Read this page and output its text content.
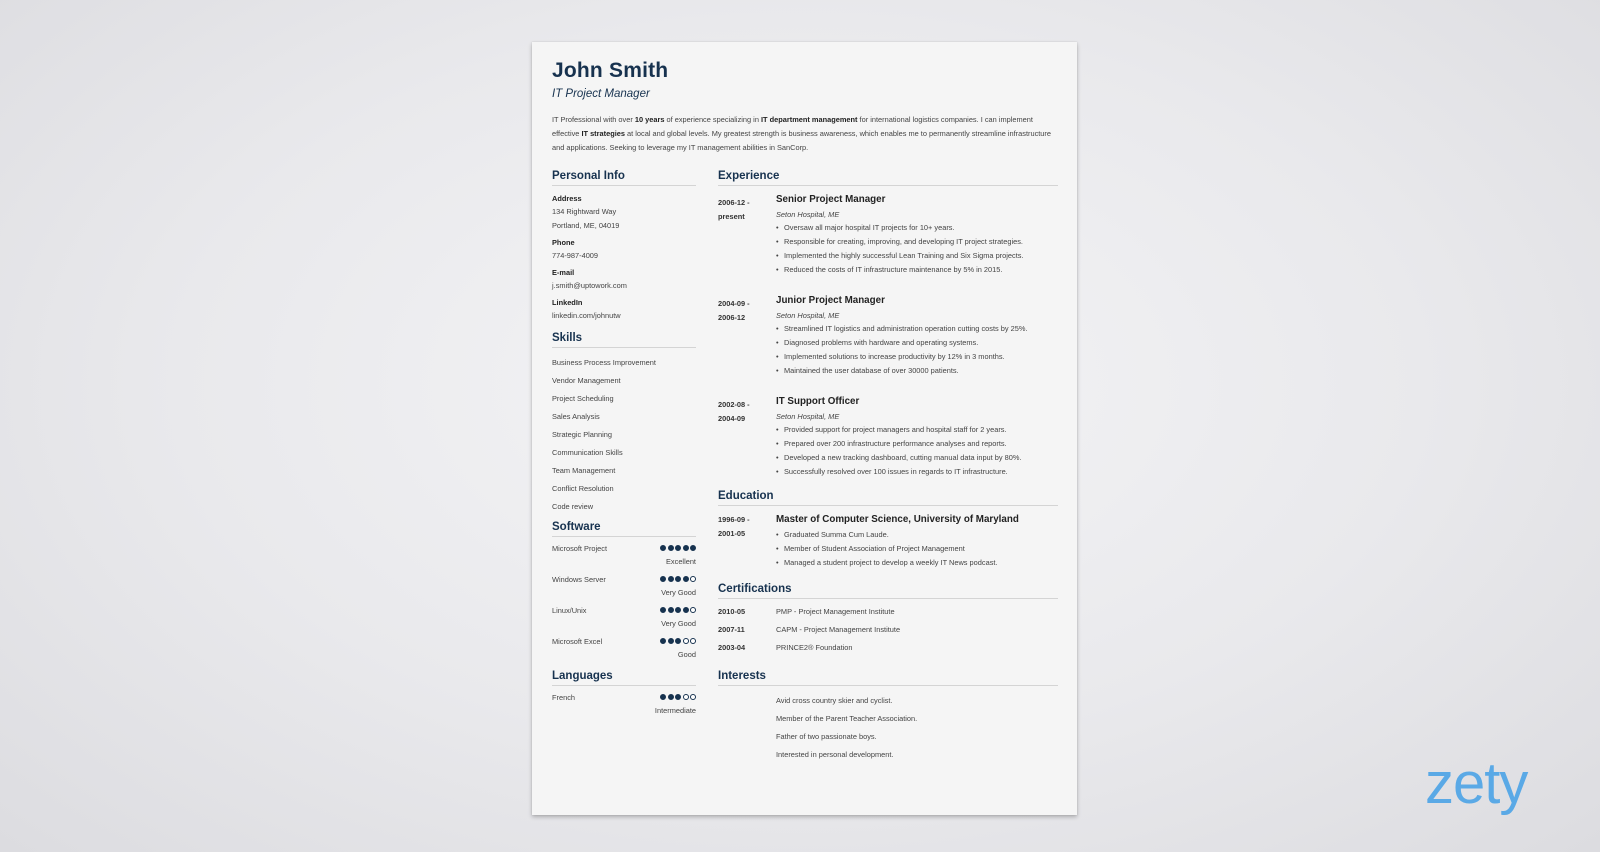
John Smith
IT Project Manager
IT Professional with over 10 years of experience specializing in IT department management for international logistics companies. I can implement effective IT strategies at local and global levels. My greatest strength is business awareness, which enables me to permanently streamline infrastructure and applications. Seeking to leverage my IT management abilities in SanCorp.
Personal Info
Address
134 Rightward Way
Portland, ME, 04019
Phone
774-987-4009
E-mail
j.smith@uptowork.com
LinkedIn
linkedin.com/johnutw
Skills
Business Process Improvement
Vendor Management
Project Scheduling
Sales Analysis
Strategic Planning
Communication Skills
Team Management
Conflict Resolution
Code review
Software
Microsoft Project
Excellent
Windows Server
Very Good
Linux/Unix
Very Good
Microsoft Excel
Good
Languages
French
Intermediate
Experience
2006-12 -
present
Senior Project Manager
Seton Hospital, ME
• Oversaw all major hospital IT projects for 10+ years.
• Responsible for creating, improving, and developing IT project strategies.
• Implemented the highly successful Lean Training and Six Sigma projects.
• Reduced the costs of IT infrastructure maintenance by 5% in 2015.
2004-09 -
2006-12
Junior Project Manager
Seton Hospital, ME
• Streamlined IT logistics and administration operation cutting costs by 25%.
• Diagnosed problems with hardware and operating systems.
• Implemented solutions to increase productivity by 12% in 3 months.
• Maintained the user database of over 30000 patients.
2002-08 -
2004-09
IT Support Officer
Seton Hospital, ME
• Provided support for project managers and hospital staff for 2 years.
• Prepared over 200 infrastructure performance analyses and reports.
• Developed a new tracking dashboard, cutting manual data input by 80%.
• Successfully resolved over 100 issues in regards to IT infrastructure.
Education
1996-09 -
2001-05
Master of Computer Science, University of Maryland
• Graduated Summa Cum Laude.
• Member of Student Association of Project Management
• Managed a student project to develop a weekly IT News podcast.
Certifications
2010-05	PMP - Project Management Institute
2007-11	CAPM - Project Management Institute
2003-04	PRINCE2® Foundation
Interests
Avid cross country skier and cyclist.
Member of the Parent Teacher Association.
Father of two passionate boys.
Interested in personal development.	zety
